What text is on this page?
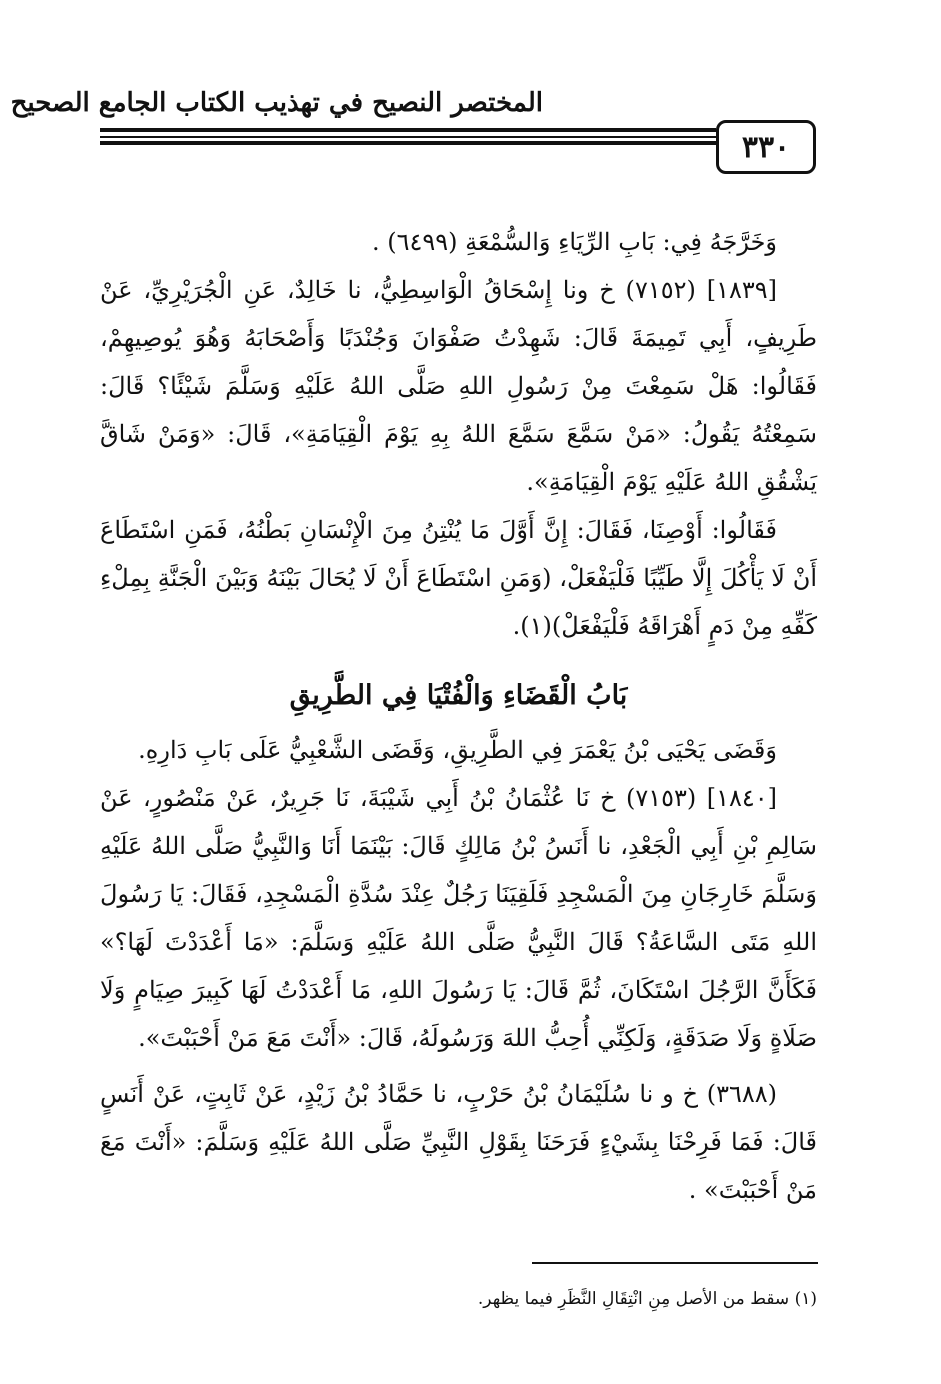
المختصر النصيح في تهذيب الكتاب الجامع الصحيح
٣٣٠

وَخَرَّجَهُ فِي: بَابِ الرِّيَاءِ وَالسُّمْعَةِ (٦٤٩٩) .

[١٨٣٩] (٧١٥٢) خ ونا إِسْحَاقُ الْوَاسِطِيُّ، نا خَالِدٌ، عَنِ الْجُرَيْرِيِّ، عَنْ طَرِيفٍ، أَبِي تَمِيمَةَ قَالَ: شَهِدْتُ صَفْوَانَ وَجُنْدَبًا وَأَصْحَابَهُ وَهُوَ يُوصِيهِمْ، فَقَالُوا: هَلْ سَمِعْتَ مِنْ رَسُولِ اللهِ صَلَّى اللهُ عَلَيْهِ وَسَلَّمَ شَيْئًا؟ قَالَ: سَمِعْتُهُ يَقُولُ: «مَنْ سَمَّعَ سَمَّعَ اللهُ بِهِ يَوْمَ الْقِيَامَةِ»، قَالَ: «وَمَنْ شَاقَّ يَشْقُقِ اللهُ عَلَيْهِ يَوْمَ الْقِيَامَةِ».

فَقَالُوا: أَوْصِنَا، فَقَالَ: إِنَّ أَوَّلَ مَا يُنْتِنُ مِنَ الْإِنْسَانِ بَطْنُهُ، فَمَنِ اسْتَطَاعَ أَنْ لَا يَأْكُلَ إِلَّا طَيِّبًا فَلْيَفْعَلْ، (وَمَنِ اسْتَطَاعَ أَنْ لَا يُحَالَ بَيْنَهُ وَبَيْنَ الْجَنَّةِ بِمِلْءِ كَفِّهِ مِنْ دَمٍ أَهْرَاقَهُ فَلْيَفْعَلْ)(١).

بَابُ الْقَضَاءِ وَالْفُتْيَا فِي الطَّرِيقِ

وَقَضَى يَحْيَى بْنُ يَعْمَرَ فِي الطَّرِيقِ، وَقَضَى الشَّعْبِيُّ عَلَى بَابِ دَارِهِ.

[١٨٤٠] (٧١٥٣) خ نَا عُثْمَانُ بْنُ أَبِي شَيْبَةَ، نَا جَرِيرٌ، عَنْ مَنْصُورٍ، عَنْ سَالِمِ بْنِ أَبِي الْجَعْدِ، نا أَنَسُ بْنُ مَالِكٍ قَالَ: بَيْنَمَا أَنَا وَالنَّبِيُّ صَلَّى اللهُ عَلَيْهِ وَسَلَّمَ خَارِجَانِ مِنَ الْمَسْجِدِ فَلَقِيَنَا رَجُلٌ عِنْدَ سُدَّةِ الْمَسْجِدِ، فَقَالَ: يَا رَسُولَ اللهِ مَتَى السَّاعَةُ؟ قَالَ النَّبِيُّ صَلَّى اللهُ عَلَيْهِ وَسَلَّمَ: «مَا أَعْدَدْتَ لَهَا؟» فَكَأَنَّ الرَّجُلَ اسْتَكَانَ، ثُمَّ قَالَ: يَا رَسُولَ اللهِ، مَا أَعْدَدْتُ لَهَا كَبِيرَ صِيَامٍ وَلَا صَلَاةٍ وَلَا صَدَقَةٍ، وَلَكِنِّي أُحِبُّ اللهَ وَرَسُولَهُ، قَالَ: «أَنْتَ مَعَ مَنْ أَحْبَبْتَ».

(٣٦٨٨) خ و نا سُلَيْمَانُ بْنُ حَرْبٍ، نا حَمَّادُ بْنُ زَيْدٍ، عَنْ ثَابِتٍ، عَنْ أَنَسٍ قَالَ: فَمَا فَرِحْنَا بِشَيْءٍ فَرَحَنَا بِقَوْلِ النَّبِيِّ صَلَّى اللهُ عَلَيْهِ وَسَلَّمَ: «أَنْتَ مَعَ مَنْ أَحْبَبْتَ» .

(١) سقط من الأصل مِنِ انْتِقَالِ النَّظَرِ فيما يظهر.
